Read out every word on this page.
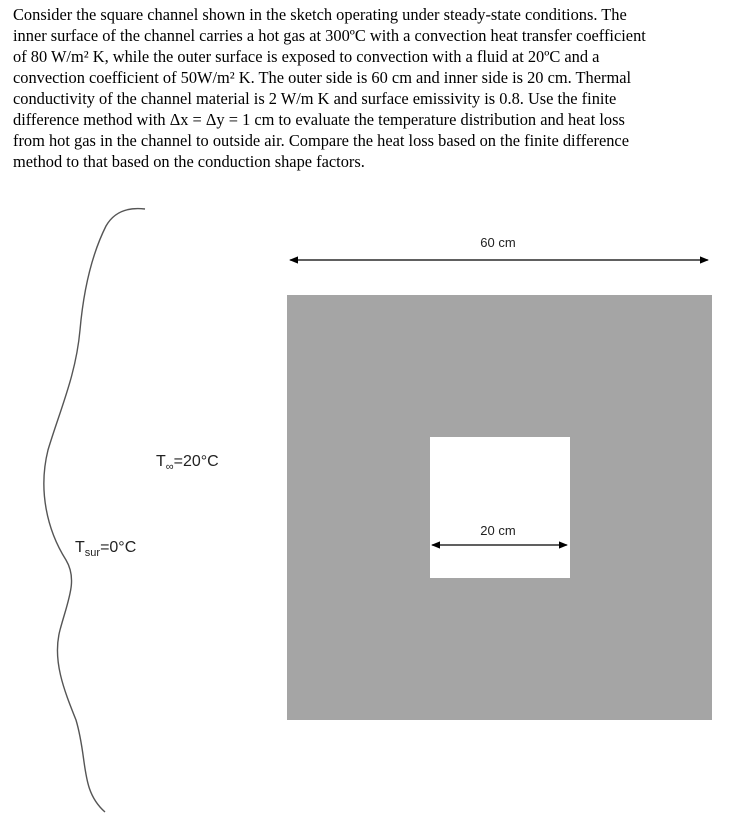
Consider the square channel shown in the sketch operating under steady-state conditions. The
inner surface of the channel carries a hot gas at 300ºC with a convection heat transfer coefficient
of 80 W/m² K, while the outer surface is exposed to convection with a fluid at 20ºC and a
convection coefficient of 50W/m² K. The outer side is 60 cm and inner side is 20 cm. Thermal
conductivity of the channel material is 2 W/m K and surface emissivity is 0.8. Use the finite
difference method with Δx = Δy = 1 cm to evaluate the temperature distribution and heat loss
from hot gas in the channel to outside air. Compare the heat loss based on the finite difference
method to that based on the conduction shape factors.
60 cm
20 cm
$T_\infty=20^\circ C$
$T_{sur}=0^\circ C$
